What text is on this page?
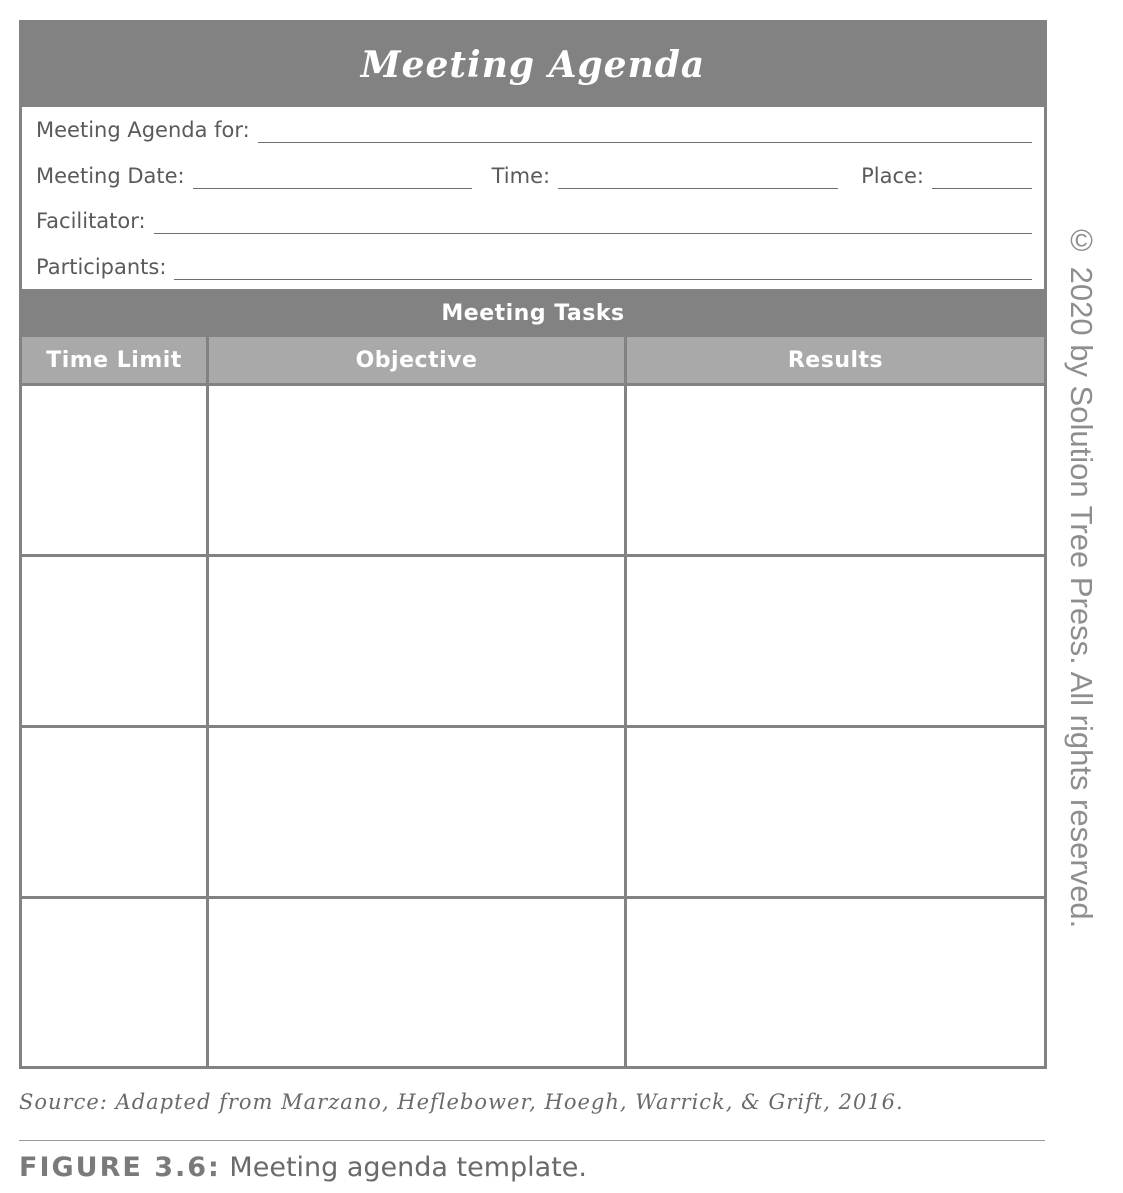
Meeting Agenda
Meeting Agenda for:
Meeting Date:	Time:	Place:
Facilitator:
Participants:
Meeting Tasks
Time Limit	Objective	Results	© 2020 by Solution Tree Press. All rights reserved.
Source: Adapted from Marzano, Heflebower, Hoegh, Warrick, & Grift, 2016.
FIGURE 3.6: Meeting agenda template.
